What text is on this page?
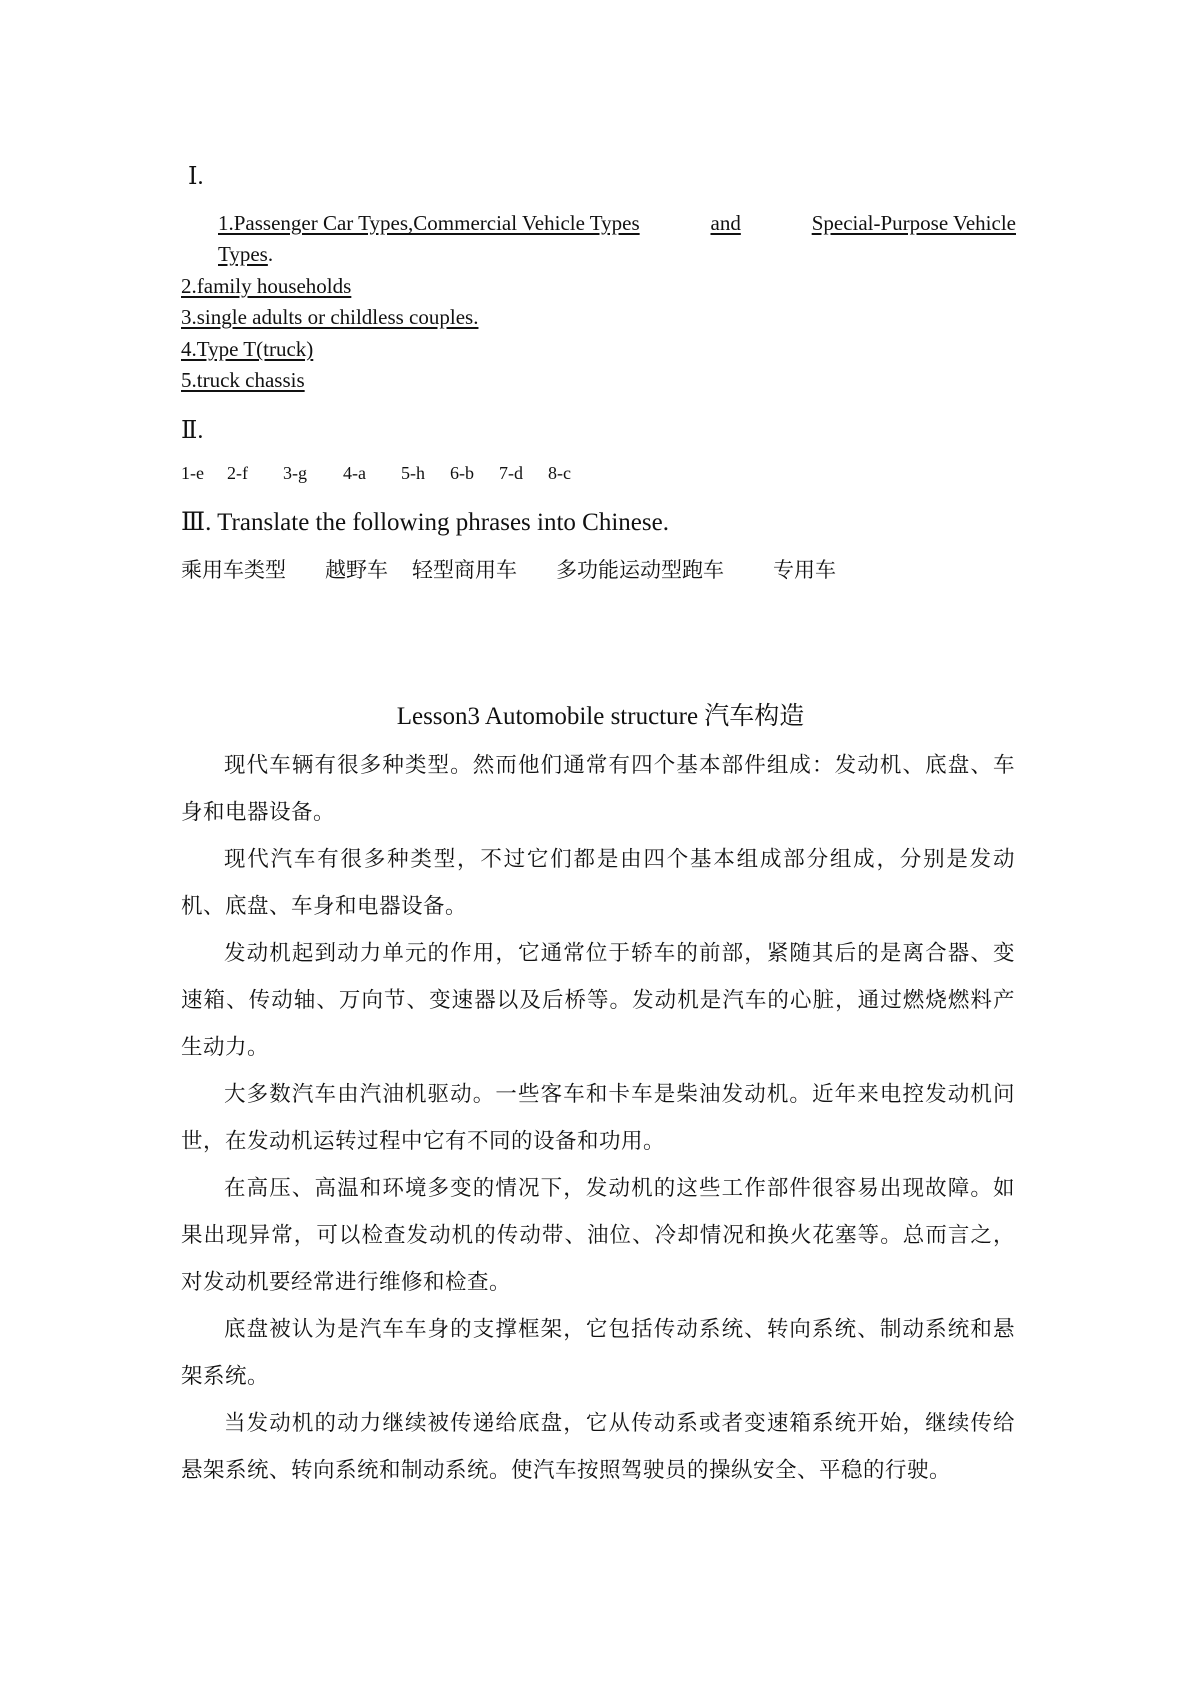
Ⅰ.
1.Passenger Car Types,Commercial Vehicle Types	and	Special-Purpose Vehicle
Types.
2.family households
3.single adults or childless couples.
4.Type T(truck)
5.truck chassis
Ⅱ.
1-e	2-f	3-g	4-a	5-h	6-b	7-d	8-c
Ⅲ. Translate the following phrases into Chinese.
乘用车类型 越野车 轻型商用车 多功能运动型跑车 专用车
Lesson3 Automobile structure 汽车构造

现代车辆有很多种类型。然而他们通常有四个基本部件组成：发动机、底盘、车身和电器设备。

现代汽车有很多种类型，不过它们都是由四个基本组成部分组成，分别是发动机、底盘、车身和电器设备。

发动机起到动力单元的作用，它通常位于轿车的前部，紧随其后的是离合器、变速箱、传动轴、万向节、变速器以及后桥等。发动机是汽车的心脏，通过燃烧燃料产生动力。

大多数汽车由汽油机驱动。一些客车和卡车是柴油发动机。近年来电控发动机问世，在发动机运转过程中它有不同的设备和功用。

在高压、高温和环境多变的情况下，发动机的这些工作部件很容易出现故障。如果出现异常，可以检查发动机的传动带、油位、冷却情况和换火花塞等。总而言之，对发动机要经常进行维修和检查。

底盘被认为是汽车车身的支撑框架，它包括传动系统、转向系统、制动系统和悬架系统。

当发动机的动力继续被传递给底盘，它从传动系或者变速箱系统开始，继续传给悬架系统、转向系统和制动系统。使汽车按照驾驶员的操纵安全、平稳的行驶。
